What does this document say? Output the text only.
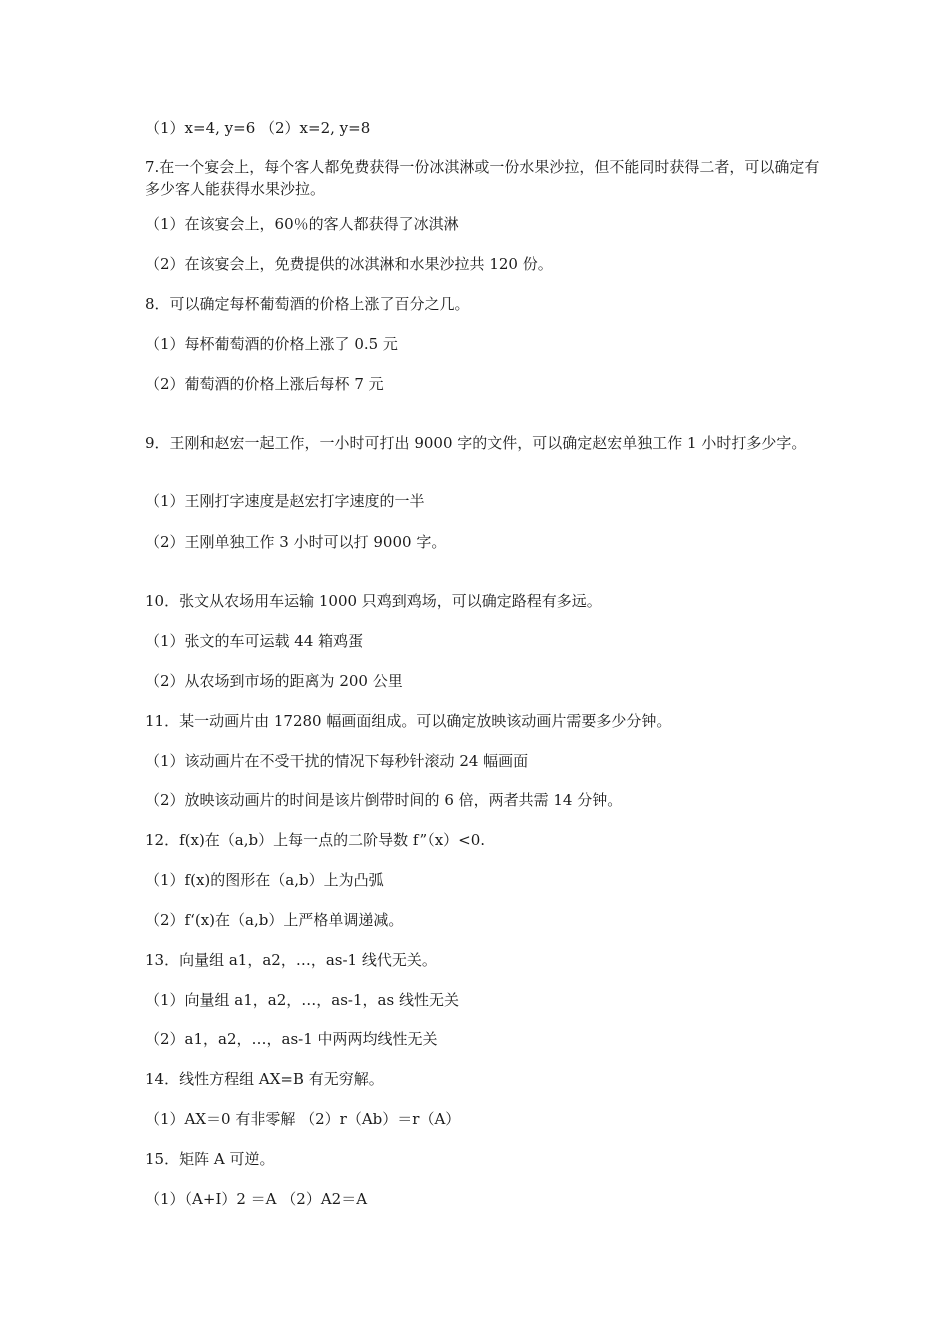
（1）x=4, y=6 （2）x=2, y=8
7.在一个宴会上，每个客人都免费获得一份冰淇淋或一份水果沙拉，但不能同时获得二者，可以确定有多少客人能获得水果沙拉。
（1）在该宴会上，60％的客人都获得了冰淇淋
（2）在该宴会上，免费提供的冰淇淋和水果沙拉共 120 份。
8．可以确定每杯葡萄酒的价格上涨了百分之几。
（1）每杯葡萄酒的价格上涨了 0.5 元
（2）葡萄酒的价格上涨后每杯 7 元
9．王刚和赵宏一起工作，一小时可打出 9000 字的文件，可以确定赵宏单独工作 1 小时打多少字。
（1）王刚打字速度是赵宏打字速度的一半
（2）王刚单独工作 3 小时可以打 9000 字。
10．张文从农场用车运输 1000 只鸡到鸡场，可以确定路程有多远。
（1）张文的车可运载 44 箱鸡蛋
（2）从农场到市场的距离为 200 公里
11．某一动画片由 17280 幅画面组成。可以确定放映该动画片需要多少分钟。
（1）该动画片在不受干扰的情况下每秒针滚动 24 幅画面
（2）放映该动画片的时间是该片倒带时间的 6 倍，两者共需 14 分钟。
12．f(x)在（a,b）上每一点的二阶导数 f”（x）<0.
（1）f(x)的图形在（a,b）上为凸弧
（2）f‘(x)在（a,b）上严格单调递减。
13．向量组 a1，a2，…，as-1 线代无关。
（1）向量组 a1，a2，…，as-1，as 线性无关
（2）a1，a2，…，as-1 中两两均线性无关
14．线性方程组 AX=B 有无穷解。
（1）AX＝0 有非零解 （2）r（Ab）＝r（A）
15．矩阵 A 可逆。
（1）（A+I）2 ＝A （2）A2＝A
